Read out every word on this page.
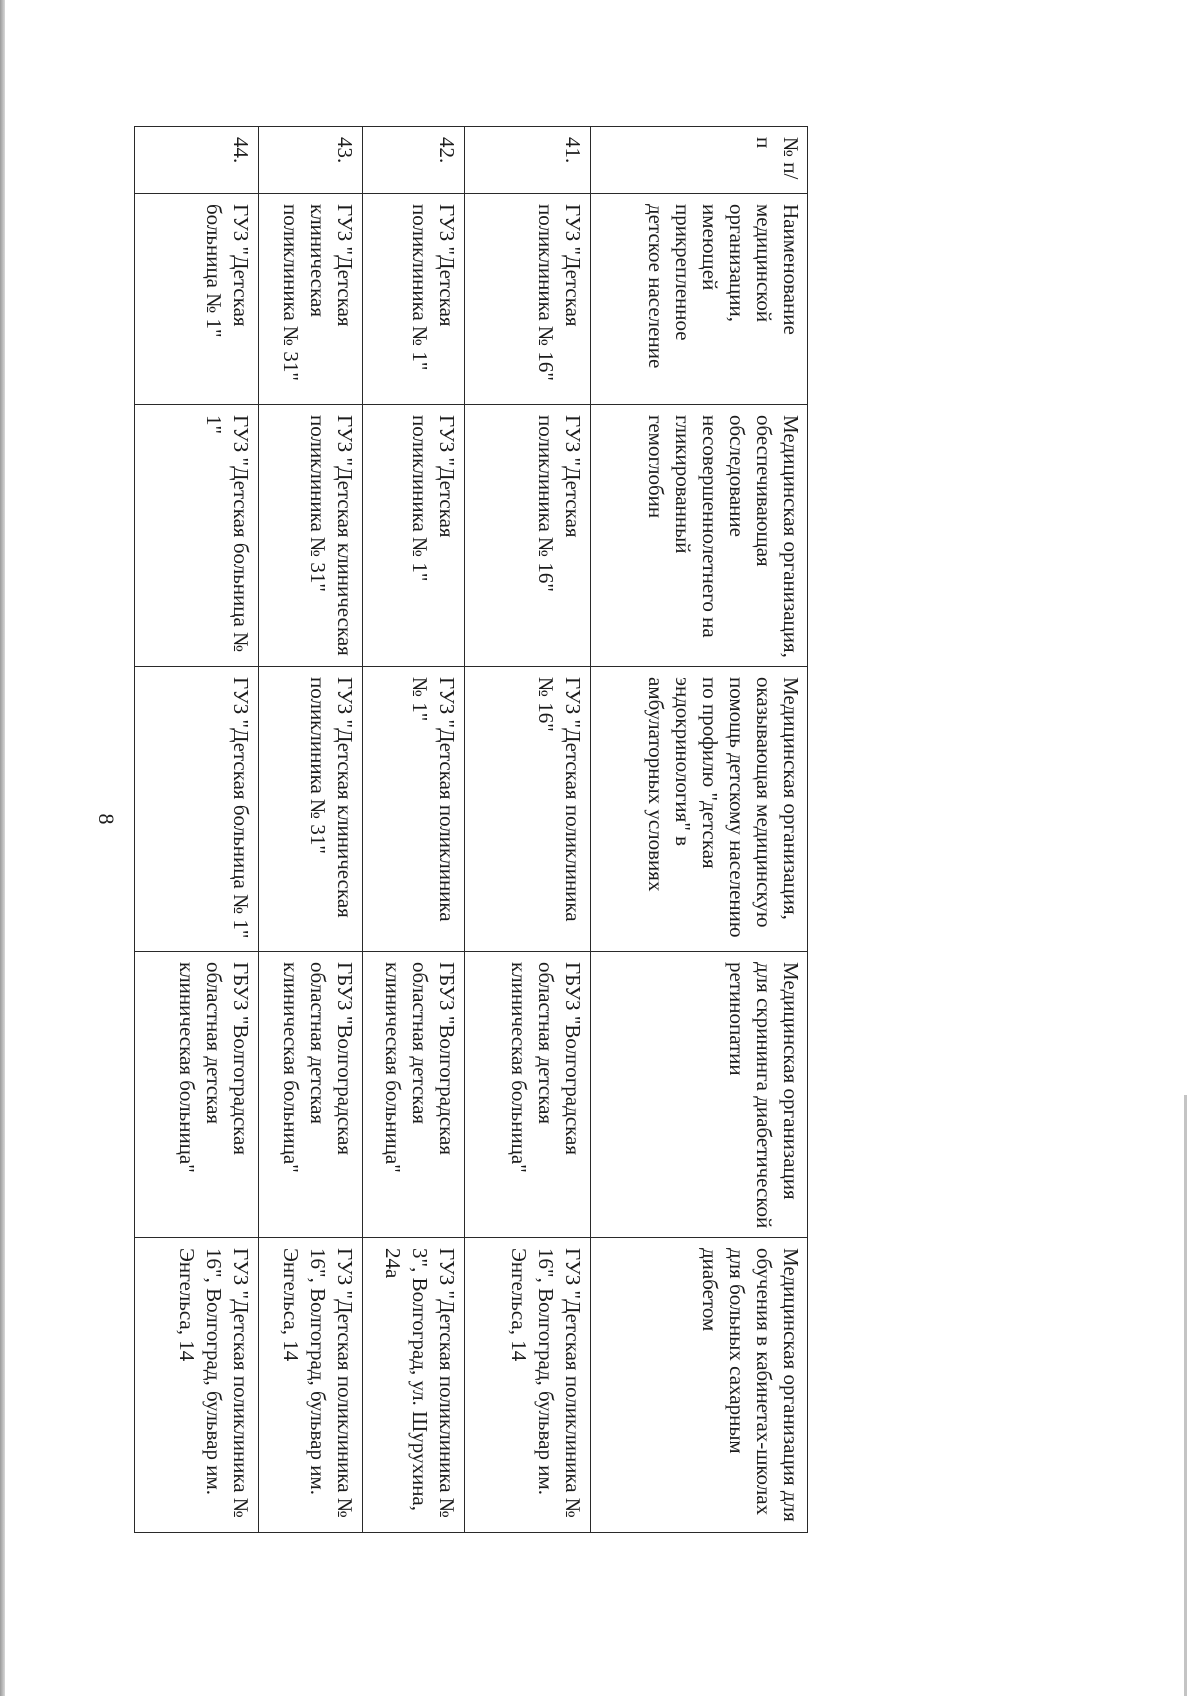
8
№ п/п	Наименование медицинской организации, имеющей прикрепленное детское население	Медицинская организация, обеспечивающая обследование несовершеннолетнего на гликированный гемоглобин	Медицинская организация, оказывающая медицинскую помощь детскому населению по профилю "детская эндокринология" в амбулаторных условиях	Медицинская организация для скрининга диабетической ретинопатии	Медицинская организация для обучения в кабинетах-школах для больных сахарным диабетом
41.	ГУЗ "Детская поликлиника № 16"	ГУЗ "Детская поликлиника № 16"	ГУЗ "Детская поликлиника № 16"	ГБУЗ "Волгоградская областная детская клиническая больница"	ГУЗ "Детская поликлиника № 16", Волгоград, бульвар им. Энгельса, 14
42.	ГУЗ "Детская поликлиника № 1"	ГУЗ "Детская поликлиника № 1"	ГУЗ "Детская поликлиника № 1"	ГБУЗ "Волгоградская областная детская клиническая больница"	ГУЗ "Детская поликлиника № 3", Волгоград, ул. Шурухина, 24а
43.	ГУЗ "Детская клиническая поликлиника № 31"	ГУЗ "Детская клиническая поликлиника № 31"	ГУЗ "Детская клиническая поликлиника № 31"	ГБУЗ "Волгоградская областная детская клиническая больница"	ГУЗ "Детская поликлиника № 16", Волгоград, бульвар им. Энгельса, 14
44.	ГУЗ "Детская больница № 1"	ГУЗ "Детская больница № 1"	ГУЗ "Детская больница № 1"	ГБУЗ "Волгоградская областная детская клиническая больница"	ГУЗ "Детская поликлиника № 16", Волгоград, бульвар им. Энгельса, 14
